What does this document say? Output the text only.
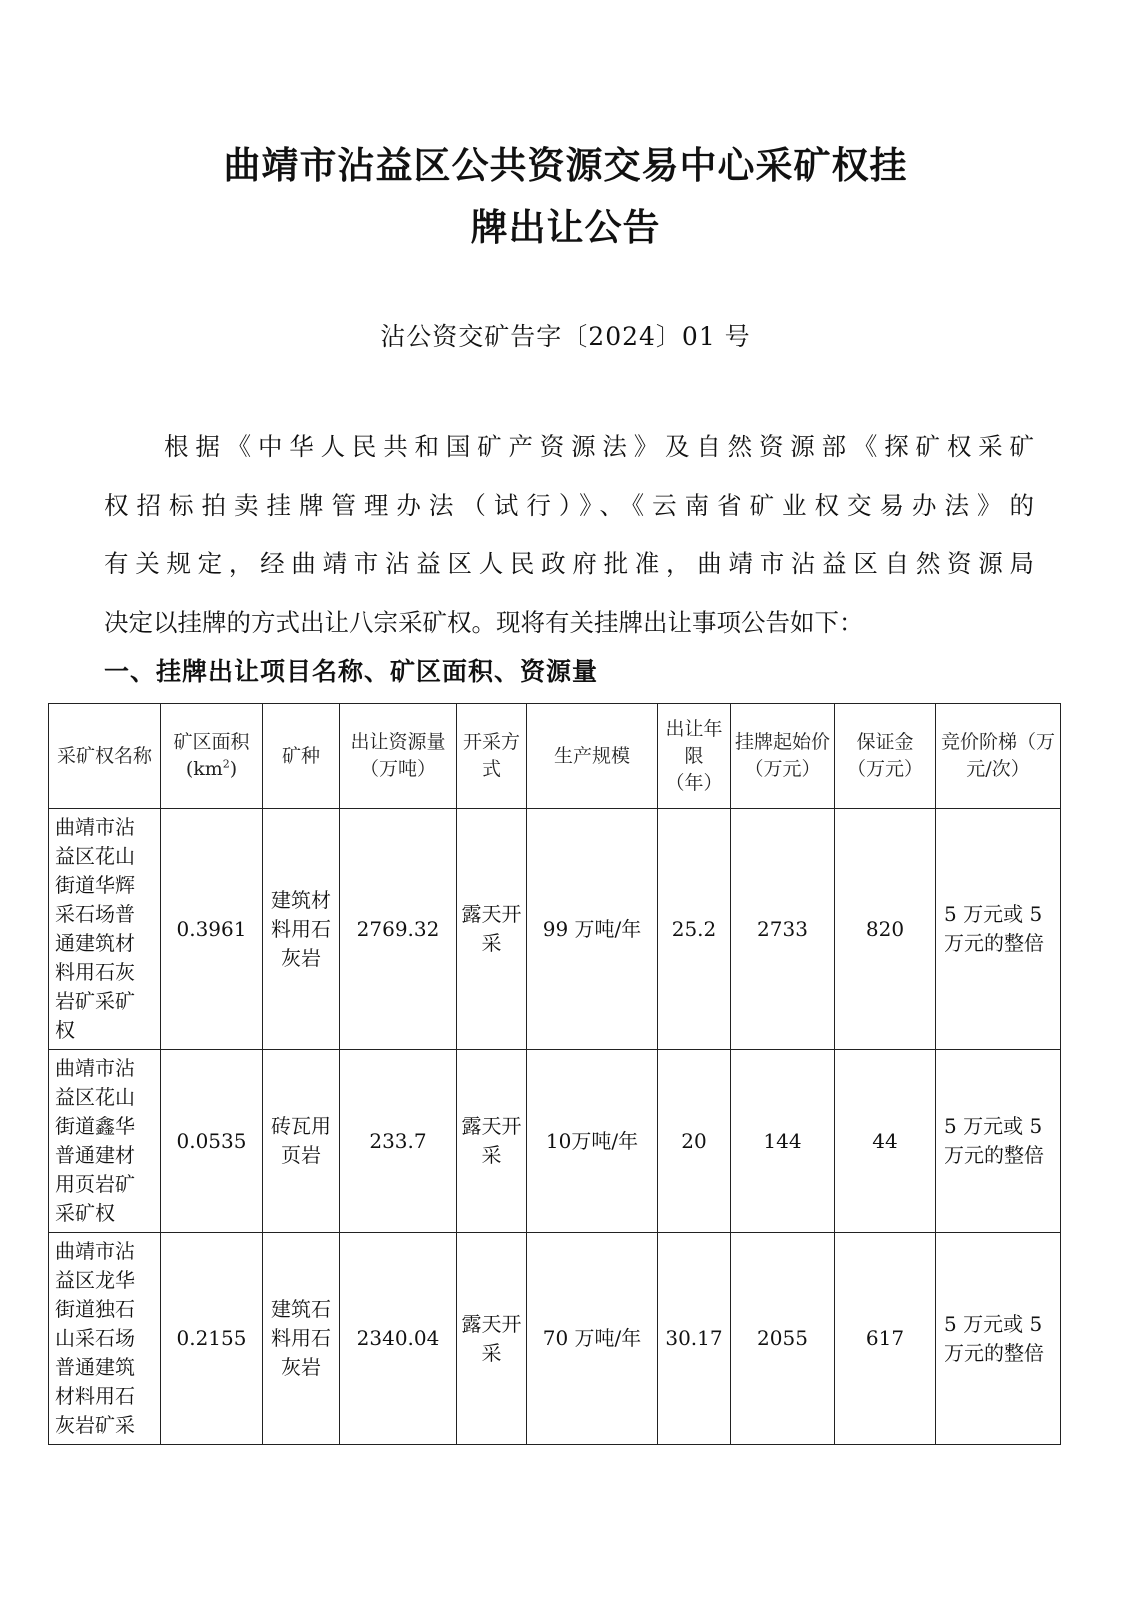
曲靖市沾益区公共资源交易中心采矿权挂
牌出让公告
沾公资交矿告字〔2024〕01 号
根据《中华人民共和国矿产资源法》及自然资源部《探矿权采矿
权招标拍卖挂牌管理办法（试行）》、《云南省矿业权交易办法》的
有关规定，经曲靖市沾益区人民政府批准，曲靖市沾益区自然资源局
决定以挂牌的方式出让八宗采矿权。现将有关挂牌出让事项公告如下：
一、挂牌出让项目名称、矿区面积、资源量
采矿权名称	矿区面积$(km^2)$	矿种	出让资源量（万吨）	开采方式	生产规模	出让年限（年）	挂牌起始价（万元）	保证金（万元）	竞价阶梯（万元/次）
曲靖市沾益区花山街道华辉采石场普通建筑材料用石灰岩矿采矿权	0.3961	建筑材料用石灰岩	2769.32	露天开采	99 万吨/年	25.2	2733	820	5 万元或 5 万元的整倍
曲靖市沾益区花山街道鑫华普通建材用页岩矿采矿权	0.0535	砖瓦用页岩	233.7	露天开采	10万吨/年	20	144	44	5 万元或 5 万元的整倍
曲靖市沾益区龙华街道独石山采石场普通建筑材料用石灰岩矿采	0.2155	建筑石料用石灰岩	2340.04	露天开采	70 万吨/年	30.17	2055	617	5 万元或 5 万元的整倍
